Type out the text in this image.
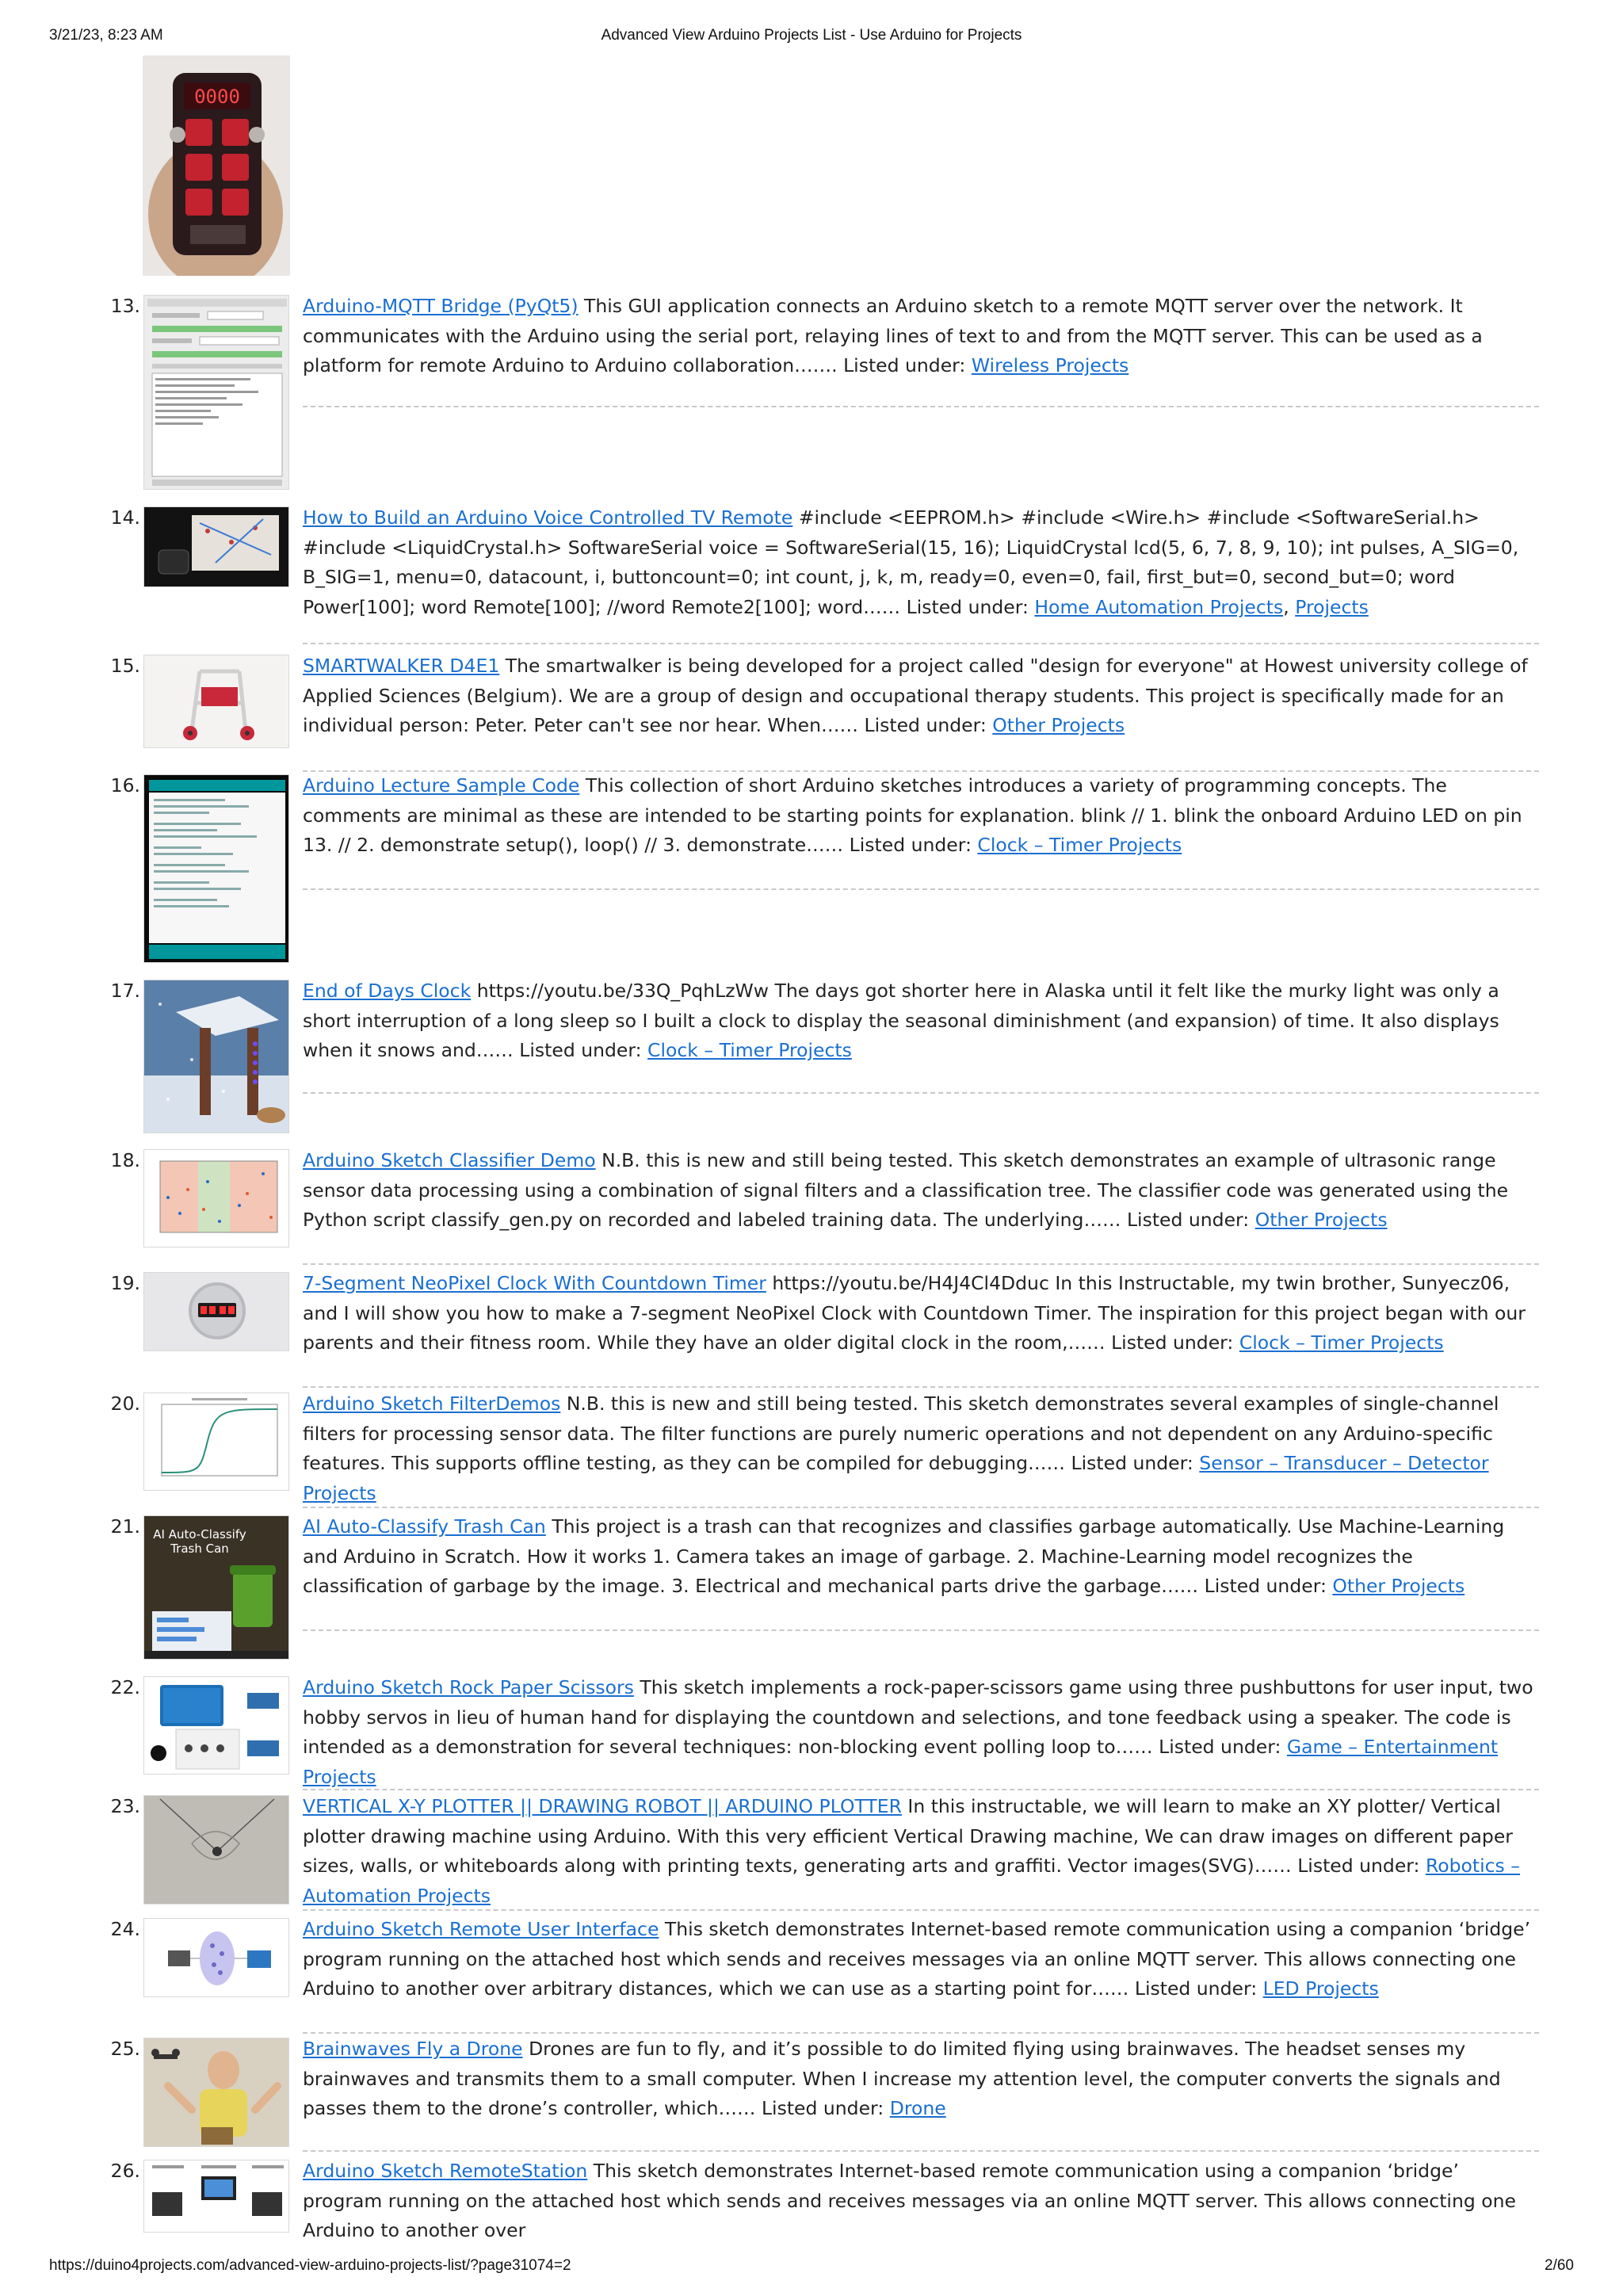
3/21/23, 8:23 AM	Advanced View Arduino Projects List - Use Arduino for Projects
0000
13.	Arduino-MQTT Bridge (PyQt5) This GUI application connects an Arduino sketch to a remote MQTT server over the network. It communicates with the Arduino using the serial port, relaying lines of text to and from the MQTT server. This can be used as a platform for remote Arduino to Arduino collaboration……. Listed under: Wireless Projects
14.	How to Build an Arduino Voice Controlled TV Remote #include <EEPROM.h> #include <Wire.h> #include <SoftwareSerial.h> #include <LiquidCrystal.h> SoftwareSerial voice = SoftwareSerial(15, 16); LiquidCrystal lcd(5, 6, 7, 8, 9, 10); int pulses, A_SIG=0, B_SIG=1, menu=0, datacount, i, buttoncount=0; int count, j, k, m, ready=0, even=0, fail, first_but=0, second_but=0; word Power[100]; word Remote[100]; //word Remote2[100]; word…… Listed under: Home Automation Projects, Projects
15.	SMARTWALKER D4E1 The smartwalker is being developed for a project called "design for everyone" at Howest university college of Applied Sciences (Belgium). We are a group of design and occupational therapy students. This project is specifically made for an individual person: Peter. Peter can't see nor hear. When…… Listed under: Other Projects
16.	Arduino Lecture Sample Code This collection of short Arduino sketches introduces a variety of programming concepts. The comments are minimal as these are intended to be starting points for explanation. blink // 1. blink the onboard Arduino LED on pin 13. // 2. demonstrate setup(), loop() // 3. demonstrate…… Listed under: Clock – Timer Projects
17.	End of Days Clock https://youtu.be/33Q_PqhLzWw The days got shorter here in Alaska until it felt like the murky light was only a short interruption of a long sleep so I built a clock to display the seasonal diminishment (and expansion) of time. It also displays when it snows and…… Listed under: Clock – Timer Projects
18.	Arduino Sketch Classifier Demo N.B. this is new and still being tested. This sketch demonstrates an example of ultrasonic range sensor data processing using a combination of signal filters and a classification tree. The classifier code was generated using the Python script classify_gen.py on recorded and labeled training data. The underlying…… Listed under: Other Projects
19.	7-Segment NeoPixel Clock With Countdown Timer https://youtu.be/H4J4Cl4Dduc In this Instructable, my twin brother, Sunyecz06, and I will show you how to make a 7-segment NeoPixel Clock with Countdown Timer. The inspiration for this project began with our parents and their fitness room. While they have an older digital clock in the room,…… Listed under: Clock – Timer Projects
20.	Arduino Sketch FilterDemos N.B. this is new and still being tested. This sketch demonstrates several examples of single-channel filters for processing sensor data. The filter functions are purely numeric operations and not dependent on any Arduino-specific features. This supports offline testing, as they can be compiled for debugging…… Listed under: Sensor – Transducer – Detector Projects
21. AI Auto-Classify
Trash Can
AI Auto-Classify Trash Can This project is a trash can that recognizes and classifies garbage automatically. Use Machine-Learning and Arduino in Scratch. How it works 1. Camera takes an image of garbage. 2. Machine-Learning model recognizes the classification of garbage by the image. 3. Electrical and mechanical parts drive the garbage…… Listed under: Other Projects
22.	Arduino Sketch Rock Paper Scissors This sketch implements a rock-paper-scissors game using three pushbuttons for user input, two hobby servos in lieu of human hand for displaying the countdown and selections, and tone feedback using a speaker. The code is intended as a demonstration for several techniques: non-blocking event polling loop to…… Listed under: Game – Entertainment Projects
23.	VERTICAL X-Y PLOTTER || DRAWING ROBOT || ARDUINO PLOTTER In this instructable, we will learn to make an XY plotter/ Vertical plotter drawing machine using Arduino. With this very efficient Vertical Drawing machine, We can draw images on different paper sizes, walls, or whiteboards along with printing texts, generating arts and graffiti. Vector images(SVG)…… Listed under: Robotics – Automation Projects
24.	Arduino Sketch Remote User Interface This sketch demonstrates Internet-based remote communication using a companion ‘bridge’ program running on the attached host which sends and receives messages via an online MQTT server. This allows connecting one Arduino to another over arbitrary distances, which we can use as a starting point for…… Listed under: LED Projects
25.	Brainwaves Fly a Drone Drones are fun to fly, and it’s possible to do limited flying using brainwaves. The headset senses my brainwaves and transmits them to a small computer. When I increase my attention level, the computer converts the signals and passes them to the drone’s controller, which…… Listed under: Drone
26.	Arduino Sketch RemoteStation This sketch demonstrates Internet-based remote communication using a companion ‘bridge’ program running on the attached host which sends and receives messages via an online MQTT server. This allows connecting one Arduino to another over
https://duino4projects.com/advanced-view-arduino-projects-list/?page31074=2	2/60
